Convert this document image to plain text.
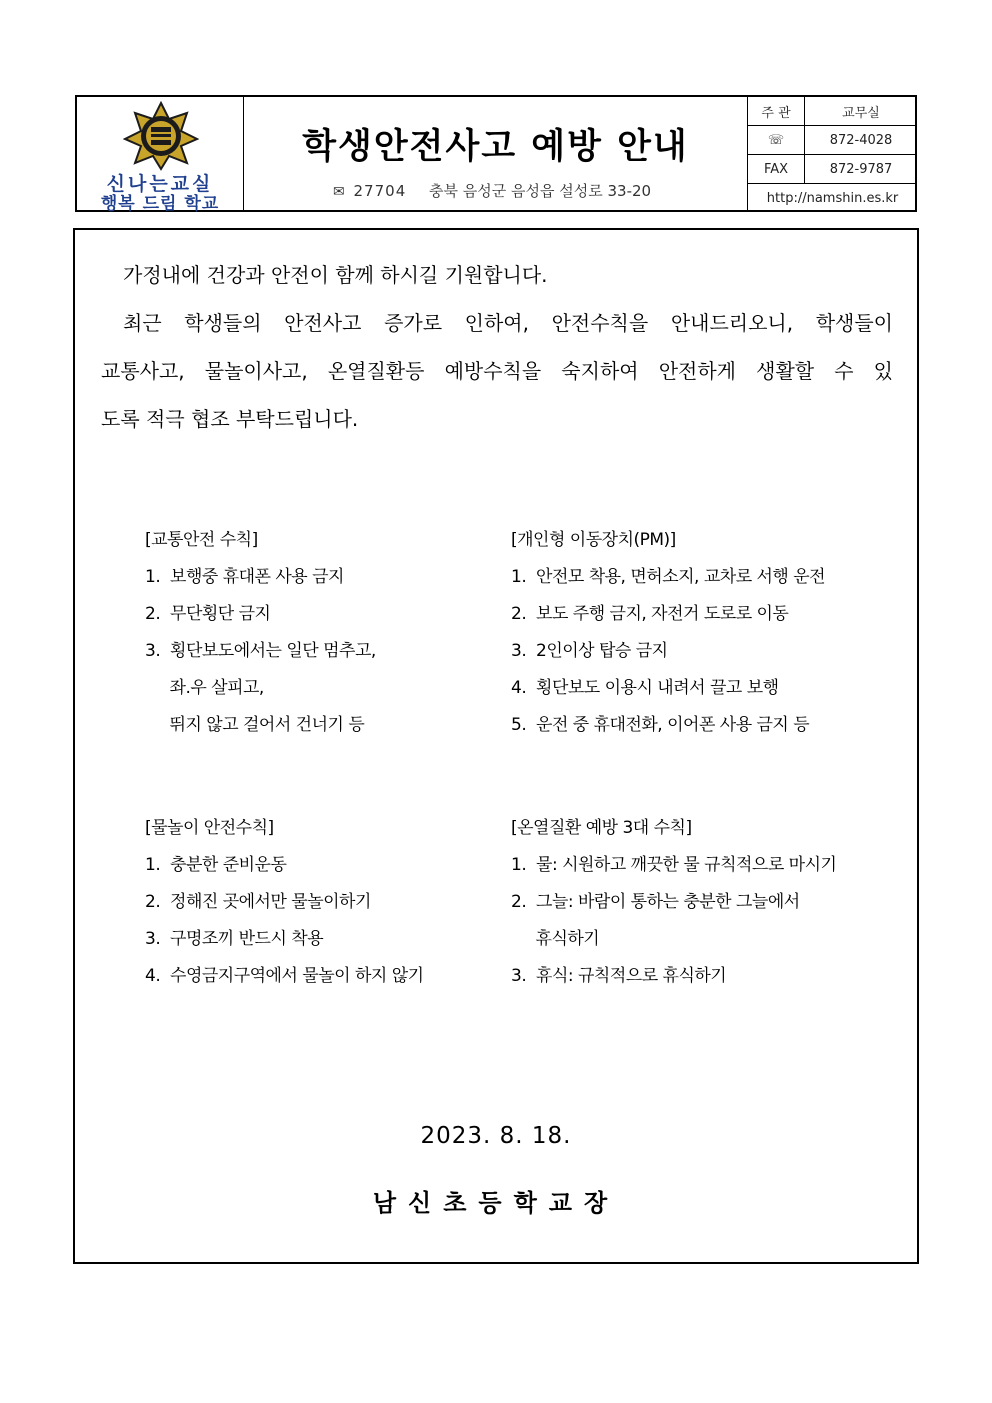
신나는교실
행복 드림 학교
학생안전사고 예방 안내
✉ 27704 충북 음성군 음성읍 설성로 33-20
주 관	교무실
☏	872-4028
FAX	872-9787
http://namshin.es.kr	
가정내에 건강과 안전이 함께 하시길 기원합니다.
최근 학생들의 안전사고 증가로 인하여, 안전수칙을 안내드리오니, 학생들이
교통사고, 물놀이사고, 온열질환등 예방수칙을 숙지하여 안전하게 생활할 수 있
도록 적극 협조 부탁드립니다.
[교통안전 수칙]
1.  보행중 휴대폰 사용 금지
2.  무단횡단 금지
3.  횡단보도에서는 일단 멈추고,
좌.우 살피고,
뛰지 않고 걸어서 건너기 등
[개인형 이동장치(PM)]
1.  안전모 착용, 면허소지, 교차로 서행 운전
2.  보도 주행 금지, 자전거 도로로 이동
3.  2인이상 탑승 금지
4.  횡단보도 이용시 내려서 끌고 보행
5.  운전 중 휴대전화, 이어폰 사용 금지 등
[물놀이 안전수칙]
1.  충분한 준비운동
2.  정해진 곳에서만 물놀이하기
3.  구명조끼 반드시 착용
4.  수영금지구역에서 물놀이 하지 않기
[온열질환 예방 3대 수칙]
1.  물: 시원하고 깨끗한 물 규칙적으로 마시기
2.  그늘: 바람이 통하는 충분한 그늘에서
휴식하기
3.  휴식: 규칙적으로 휴식하기
2023. 8. 18.
남신초등학교장
